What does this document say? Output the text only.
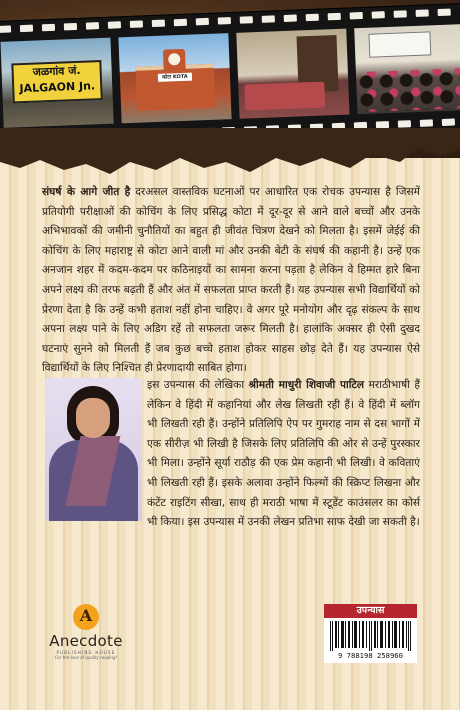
जळगांव जं. JALGAON Jn.
कोटा KOTA

संघर्ष के आगे जीत है दरअसल वास्तविक घटनाओं पर आधारित एक रोचक उपन्यास है जिसमें प्रतियोगी परीक्षाओं की कोचिंग के लिए प्रसिद्ध कोटा में दूर-दूर से आने वाले बच्चों और उनके अभिभावकों की जमीनी चुनौतियों का बहुत ही जीवंत चित्रण देखने को मिलता है। इसमें जेईई की कोचिंग के लिए महाराष्ट्र से कोटा आने वाली मां और उनकी बेटी के संघर्ष की कहानी है। उन्हें एक अनजान शहर में कदम-कदम पर कठिनाइयों का सामना करना पड़ता है लेकिन वे हिम्मत हारे बिना अपने लक्ष्य की तरफ बढ़ती हैं और अंत में सफलता प्राप्त करती हैं। यह उपन्यास सभी विद्यार्थियों को प्रेरणा देता है कि उन्हें कभी हताश नहीं होना चाहिए। वे अगर पूरे मनोयोग और दृढ़ संकल्प के साथ अपना लक्ष्य पाने के लिए अडिग रहें तो सफलता जरूर मिलती है। हालांकि अक्सर ही ऐसी दुखद घटनाएं सुनने को मिलती हैं जब कुछ बच्चे हताश होकर साहस छोड़ देते हैं। यह उपन्यास ऐसे विद्यार्थियों के लिए निश्चित ही प्रेरणादायी साबित होगा।

इस उपन्यास की लेखिका श्रीमती माधुरी शिवाजी पाटिल मराठीभाषी हैं लेकिन वे हिंदी में कहानियां और लेख लिखती रही हैं। वे हिंदी में ब्लॉग भी लिखती रही हैं। उन्होंने प्रतिलिपि ऐप पर गुमराह नाम से दस भागों में एक सीरीज़ भी लिखी है जिसके लिए प्रतिलिपि की ओर से उन्हें पुरस्कार भी मिला। उन्होंने सूर्या राठौड़ की एक प्रेम कहानी भी लिखी। वे कविताएं भी लिखती रही हैं। इसके अलावा उन्होंने फिल्मों की स्क्रिप्ट लिखना और कंटेंट राइटिंग सीखा, साथ ही मराठी भाषा में स्टूडेंट काउंसलर का कोर्स भी किया। इस उपन्यास में उनकी लेखन प्रतिभा साफ देखी जा सकती है।

A
Anecdote
PUBLISHING HOUSE
For the love of quality reading!
उपन्यास
9 788198 258960
